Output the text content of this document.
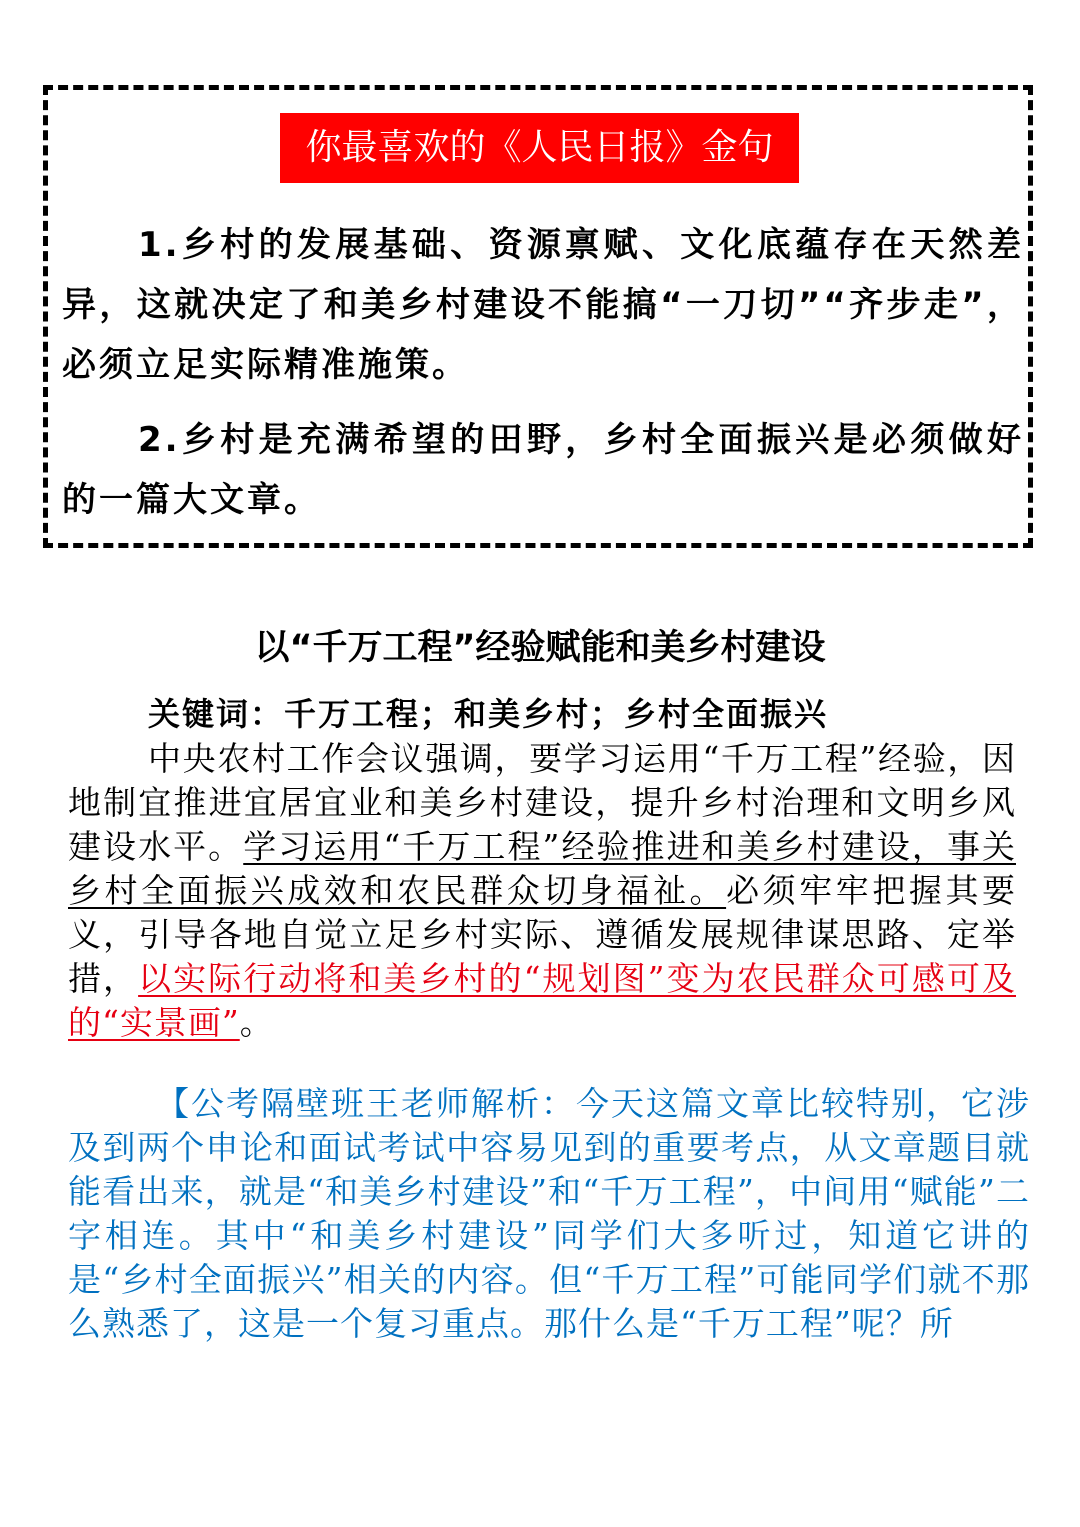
你最喜欢的《人民日报》金句

1.乡村的发展基础、资源禀赋、文化底蕴存在天然差异，这就决定了和美乡村建设不能搞“一刀切”“齐步走”，必须立足实际精准施策。

2.乡村是充满希望的田野，乡村全面振兴是必须做好的一篇大文章。

以“千万工程”经验赋能和美乡村建设

关键词：千万工程；和美乡村；乡村全面振兴

中央农村工作会议强调，要学习运用“千万工程”经验，因地制宜推进宜居宜业和美乡村建设，提升乡村治理和文明乡风建设水平。学习运用“千万工程”经验推进和美乡村建设，事关乡村全面振兴成效和农民群众切身福祉。必须牢牢把握其要义，引导各地自觉立足乡村实际、遵循发展规律谋思路、定举措，以实际行动将和美乡村的“规划图”变为农民群众可感可及的“实景画”。

【公考隔壁班王老师解析：今天这篇文章比较特别，它涉及到两个申论和面试考试中容易见到的重要考点，从文章题目就能看出来，就是“和美乡村建设”和“千万工程”，中间用“赋能”二字相连。其中“和美乡村建设”同学们大多听过，知道它讲的是“乡村全面振兴”相关的内容。但“千万工程”可能同学们就不那么熟悉了，这是一个复习重点。那什么是“千万工程”呢？所
